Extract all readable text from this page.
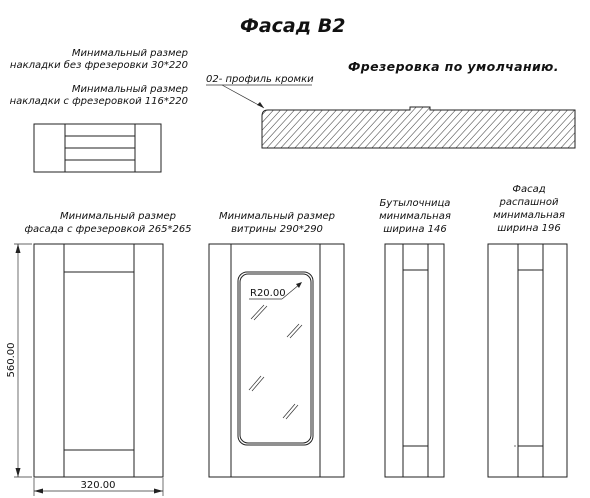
Фасад В2
Минимальный размер
накладки без фрезеровки 30*220
Минимальный размер
накладки с фрезеровкой 116*220
Фрезеровка по умолчанию.
02- профиль кромки
Минимальный размер
фасада с фрезеровкой 265*265
Минимальный размер
витрины 290*290
Бутылочница
минимальная
ширина 146
Фасад
распашной
минимальная
ширина 196
560.00
320.00
R20.00
